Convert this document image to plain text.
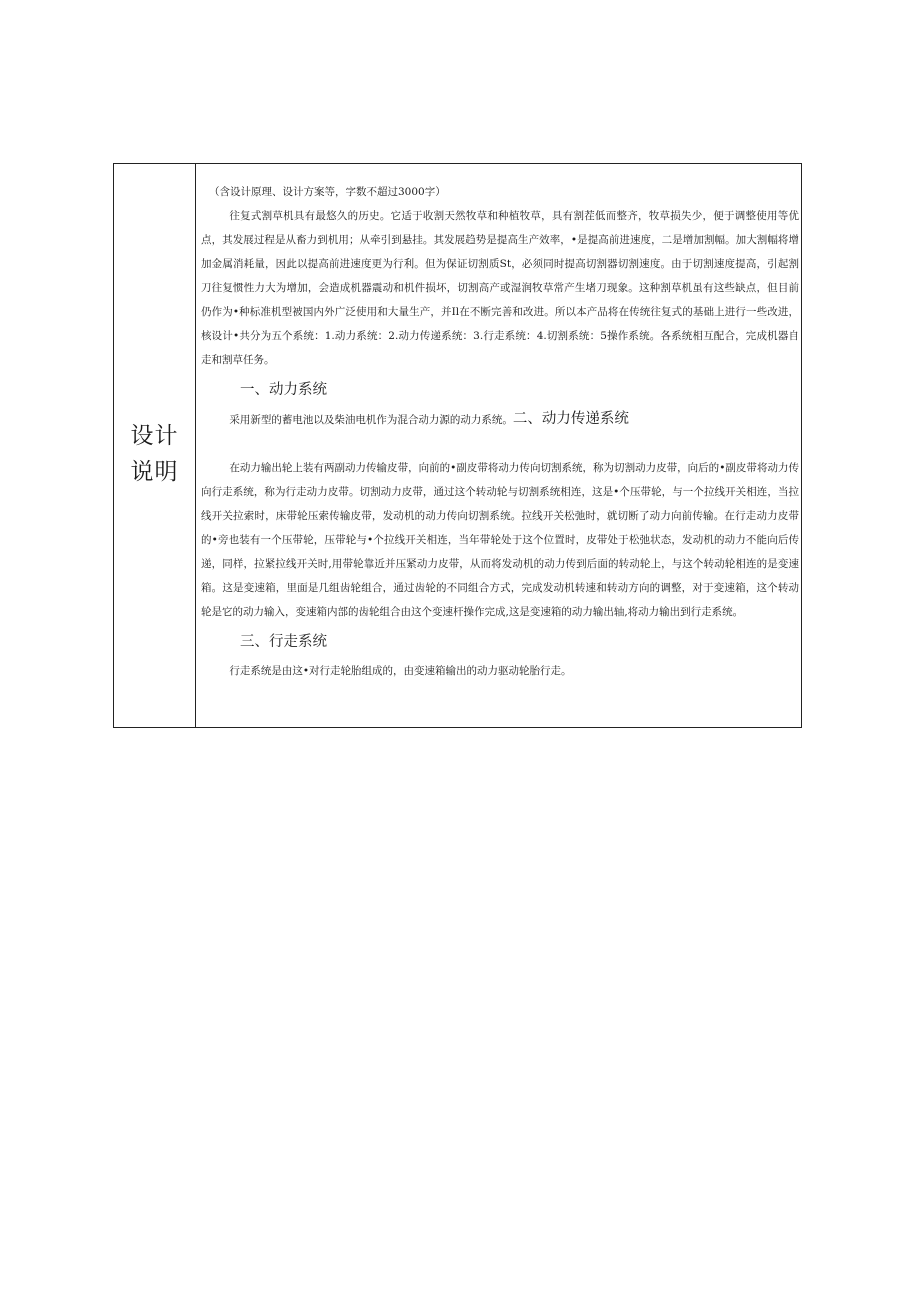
设计
说明

（含设计原理、设计方案等，字数不超过3000字）

往复式割草机具有最悠久的历史。它适于收割天然牧草和种植牧草，具有割茬低而整齐，牧草损失少，便于调整使用等优点，其发展过程是从畜力到机用；从牵引到悬挂。其发展趋势是提高生产效率，•是提高前进速度，二是增加割幅。加大割幅将增加金属消耗量，因此以提高前进速度更为行利。但为保证切割质St，必须同时提高切割器切割速度。由于切割速度提高，引起割刀往复惯性力大为增加，会造成机器震动和机件损坏，切割高产或湿润牧草常产生堵刀现象。这种割草机虽有这些缺点，但目前仍作为•种标准机型被国内外广泛使用和大量生产，并Il在不断完善和改进。所以本产品将在传统往复式的基础上进行一些改进，核设计•共分为五个系统：1.动力系统：2.动力传递系统：3.行走系统：4.切割系统：5操作系统。各系统相互配合，完成机器自走和割草任务。

一、动力系统

采用新型的蓄电池以及柴油电机作为混合动力源的动力系统。二、动力传递系统

在动力输出轮上装有两副动力传输皮带，向前的•副皮带将动力传向切割系统，称为切割动力皮带，向后的•副皮带将动力传向行走系统，称为行走动力皮带。切割动力皮带，通过这个转动轮与切割系统相连，这是•个压带轮，与一个拉线开关相连，当拉线开关拉索时，床带轮压索传输皮带，发动机的动力传向切割系统。拉线开关松弛时，就切断了动力向前传输。在行走动力皮带的•旁也装有一个压带轮，压带轮与•个拉线开关相连，当年带轮处于这个位置时，皮带处于松弛状态，发动机的动力不能向后传递，同样，拉紧拉线开关时,用带轮靠近并压紧动力皮带，从而将发动机的动力传到后面的转动轮上，与这个转动轮相连的是变速箱。这是变速箱，里面是几组齿轮组合，通过齿轮的不同组合方式，完成发动机转速和转动方向的调整，对于变速箱，这个转动轮是它的动力输入，变速箱内部的齿轮组合由这个变速杆操作完成,这是变速箱的动力输出轴,将动力输出到行走系统。

三、行走系统

行走系统是由这•对行走轮胎组成的，由变速箱输出的动力驱动轮胎行走。
